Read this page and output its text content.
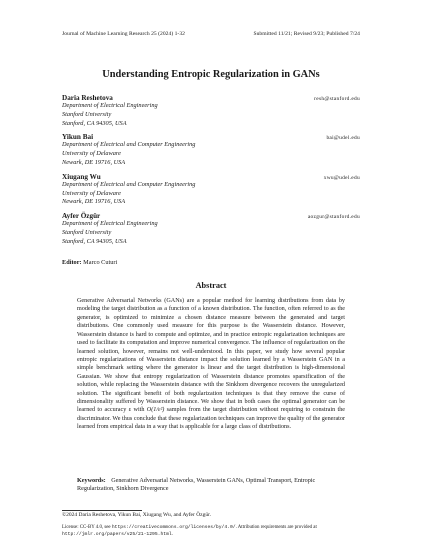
Journal of Machine Learning Research 25 (2024) 1-32	Submitted 11/21; Revised 9/23; Published 7/24
Understanding Entropic Regularization in GANs
Daria Reshetova	resh@stanford.edu
Department of Electrical Engineering
Stanford University
Stanford, CA 94305, USA
Yikun Bai	bai@udel.edu
Department of Electrical and Computer Engineering
University of Delaware
Newark, DE 19716, USA
Xiugang Wu	xwu@udel.edu
Department of Electrical and Computer Engineering
University of Delaware
Newark, DE 19716, USA
Ayfer Özgür	aozgur@stanford.edu
Department of Electrical Engineering
Stanford University
Stanford, CA 94305, USA
Editor: Marco Cuturi
Abstract
Generative Adversarial Networks (GANs) are a popular method for learning distributions from data by modeling the target distribution as a function of a known distribution. The function, often referred to as the generator, is optimized to minimize a chosen distance measure between the generated and target distributions. One commonly used measure for this purpose is the Wasserstein distance. However, Wasserstein distance is hard to compute and optimize, and in practice entropic regularization techniques are used to facilitate its computation and improve numerical convergence. The influence of regularization on the learned solution, however, remains not well-understood. In this paper, we study how several popular entropic regularizations of Wasserstein distance impact the solution learned by a Wasserstein GAN in a simple benchmark setting where the generator is linear and the target distribution is high-dimensional Gaussian. We show that entropy regularization of Wasserstein distance promotes sparsification of the solution, while replacing the Wasserstein distance with the Sinkhorn divergence recovers the unregularized solution. The significant benefit of both regularization techniques is that they remove the curse of dimensionality suffered by Wasserstein distance. We show that in both cases the optimal generator can be learned to accuracy ε with O(1/ε²) samples from the target distribution without requiring to constrain the discriminator. We thus conclude that these regularization techniques can improve the quality of the generator learned from empirical data in a way that is applicable for a large class of distributions.
Keywords: Generative Adversarial Networks, Wasserstein GANs, Optimal Transport, Entropic Regularization, Sinkhorn Divergence
©2024 Daria Reshetova, Yikun Bai, Xiugang Wu, and Ayfer Özgür.
License: CC-BY 4.0, see https://creativecommons.org/licenses/by/4.0/. Attribution requirements are provided at
http://jmlr.org/papers/v25/21-1295.html.
